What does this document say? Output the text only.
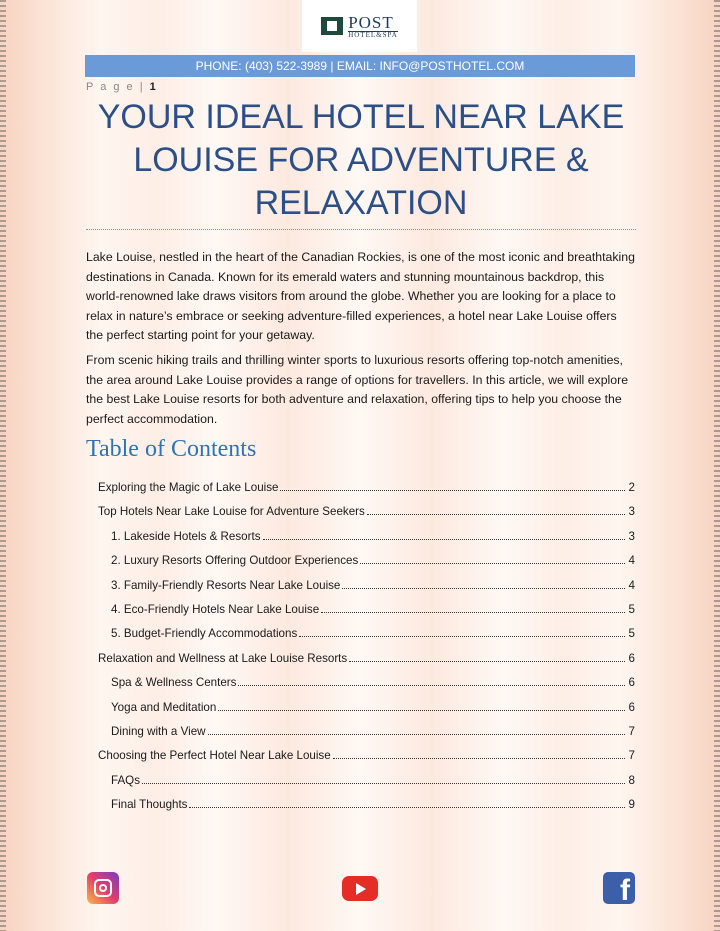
POST
HOTEL&SPA
PHONE: (403) 522-3989 | EMAIL: INFO@POSTHOTEL.COM
P a g e | 1
YOUR IDEAL HOTEL NEAR LAKE LOUISE FOR ADVENTURE & RELAXATION

Lake Louise, nestled in the heart of the Canadian Rockies, is one of the most iconic and breathtaking destinations in Canada. Known for its emerald waters and stunning mountainous backdrop, this world-renowned lake draws visitors from around the globe. Whether you are looking for a place to relax in nature’s embrace or seeking adventure-filled experiences, a hotel near Lake Louise offers the perfect starting point for your getaway.

From scenic hiking trails and thrilling winter sports to luxurious resorts offering top-notch amenities, the area around Lake Louise provides a range of options for travellers. In this article, we will explore the best Lake Louise resorts for both adventure and relaxation, offering tips to help you choose the perfect accommodation.

Table of Contents
Exploring the Magic of Lake Louise	2
Top Hotels Near Lake Louise for Adventure Seekers	3
1. Lakeside Hotels & Resorts	3
2. Luxury Resorts Offering Outdoor Experiences	4
3. Family-Friendly Resorts Near Lake Louise	4
4. Eco-Friendly Hotels Near Lake Louise	5
5. Budget-Friendly Accommodations	5
Relaxation and Wellness at Lake Louise Resorts	6
Spa & Wellness Centers	6
Yoga and Meditation	6
Dining with a View	7
Choosing the Perfect Hotel Near Lake Louise	7
FAQs	8
Final Thoughts	9
f
